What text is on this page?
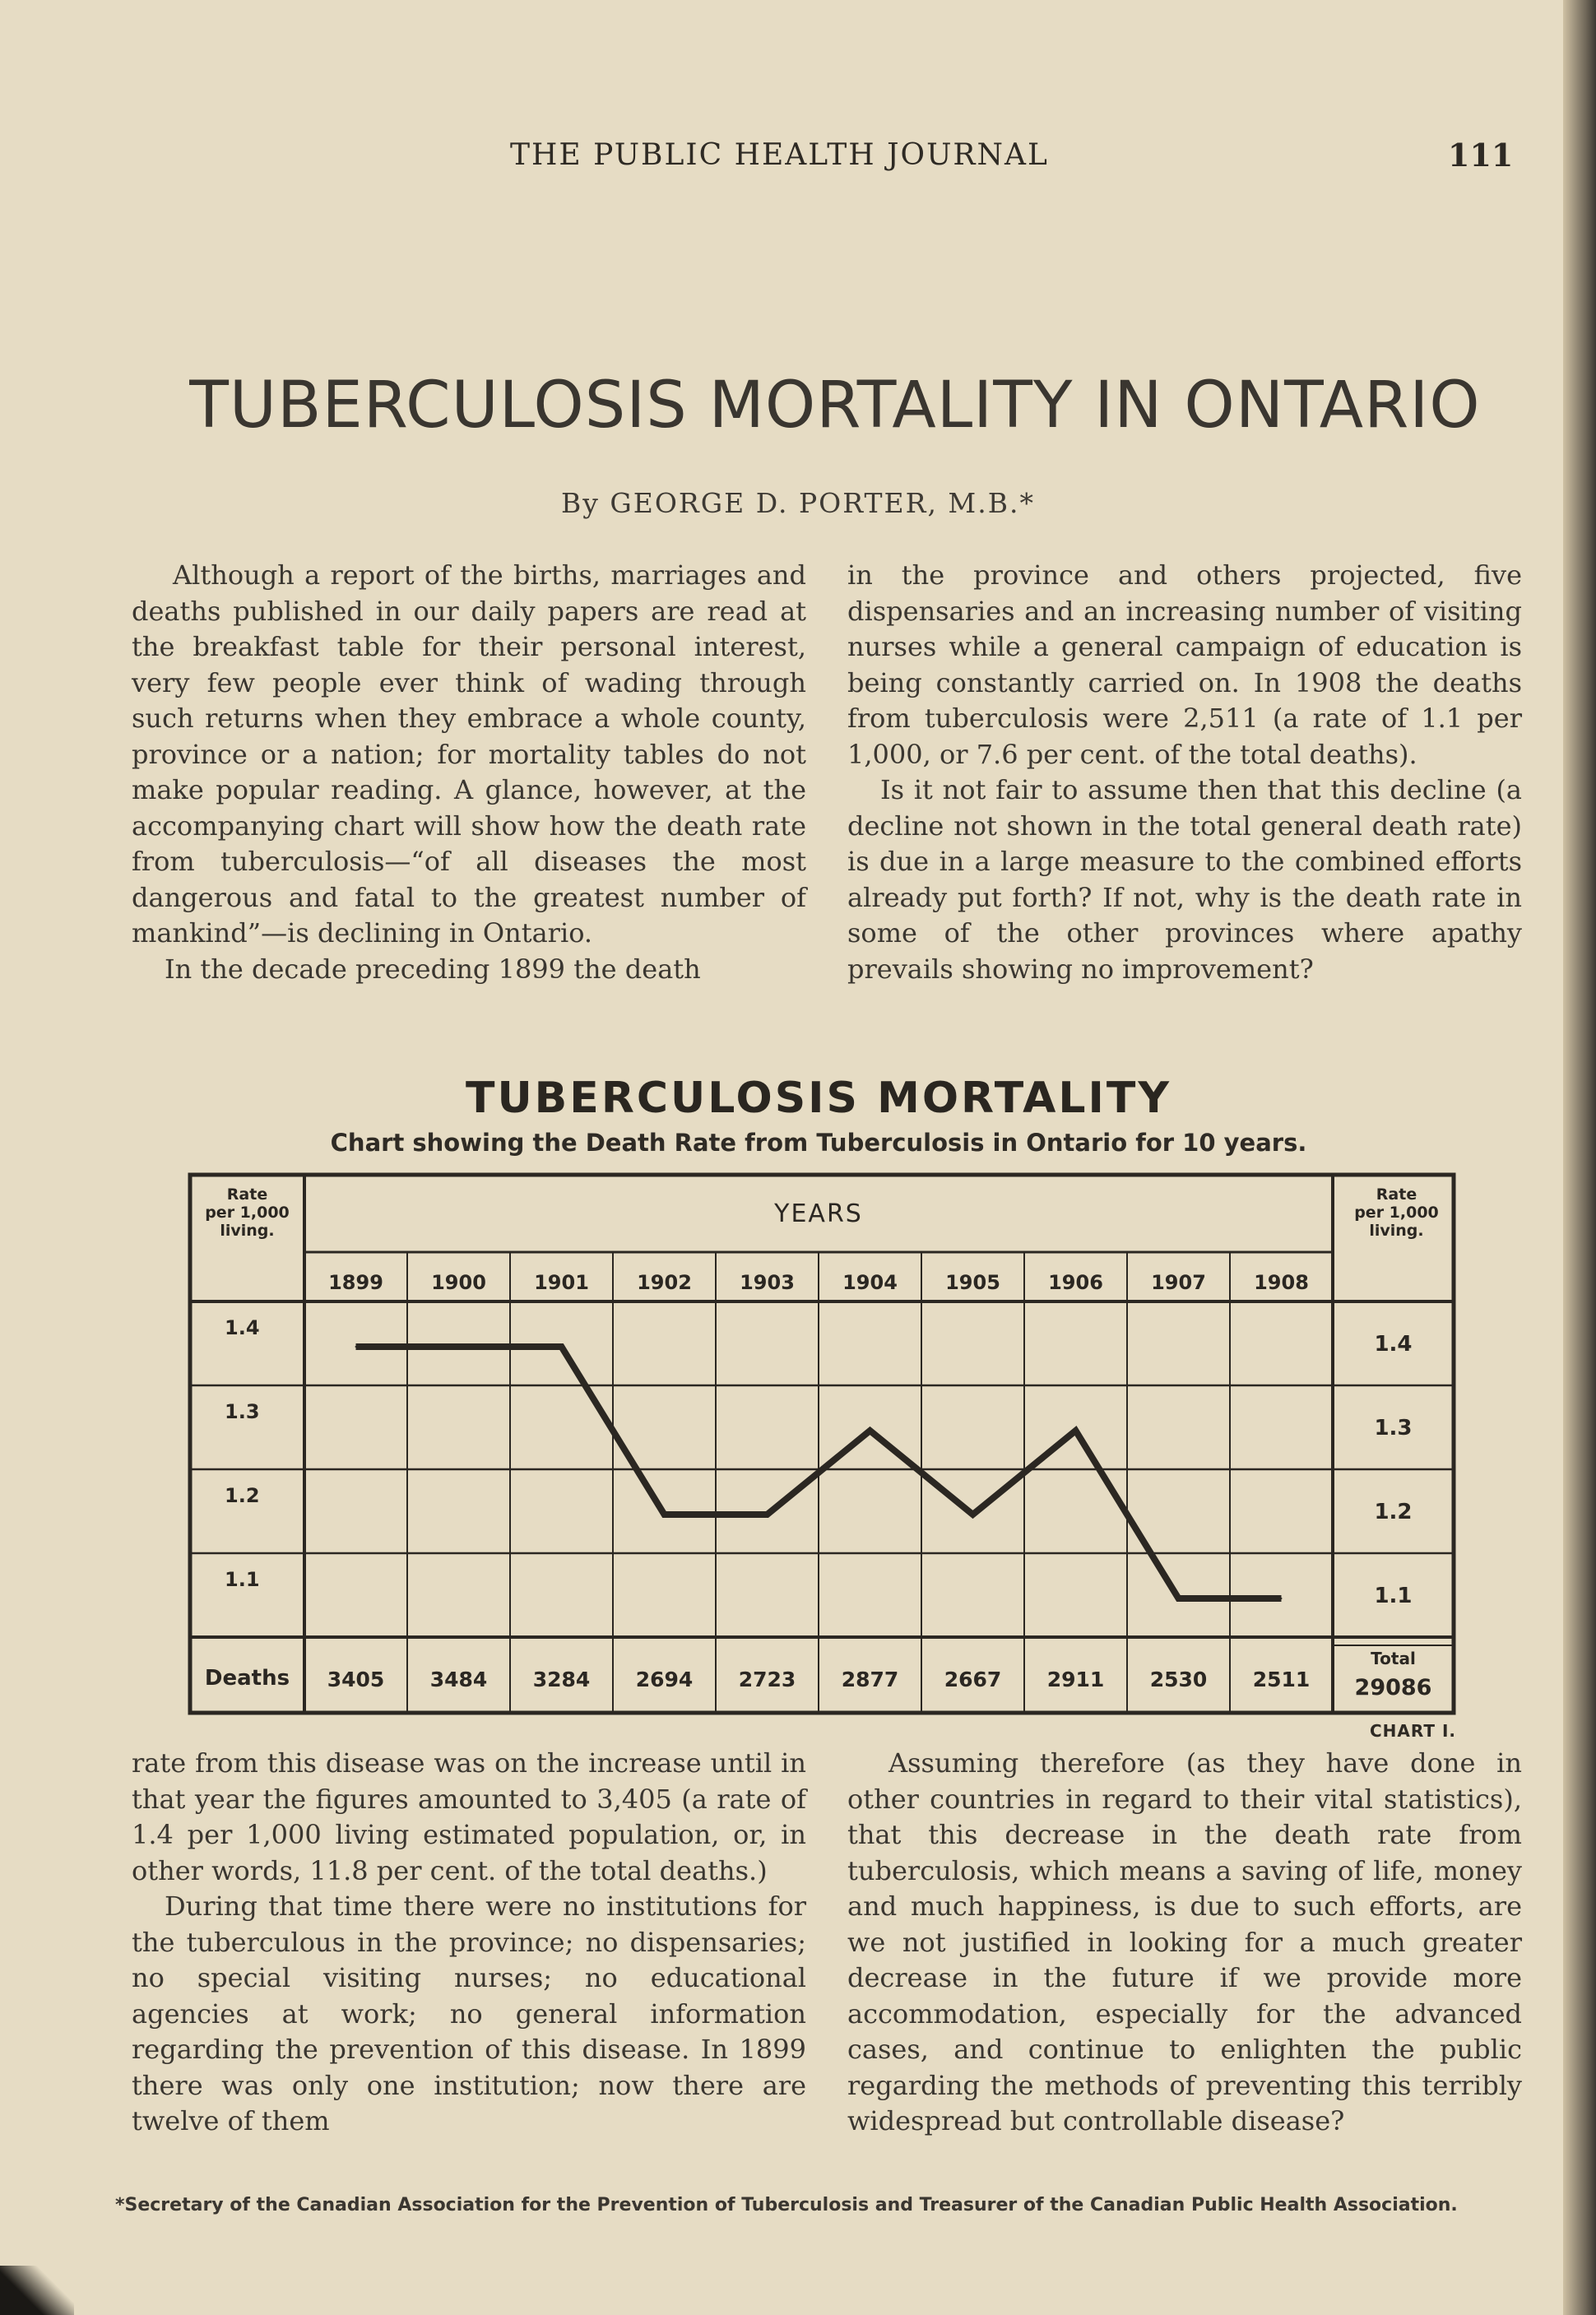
THE PUBLIC HEALTH JOURNAL	111
TUBERCULOSIS MORTALITY IN ONTARIO
By GEORGE D. PORTER, M.B.*

Although a report of the births, marriages and deaths published in our daily papers are read at the breakfast table for their personal interest, very few people ever think of wading through such returns when they embrace a whole county, province or a nation; for mortality tables do not make popular reading. A glance, however, at the accompanying chart will show how the death rate from tuberculosis—“of all diseases the most dangerous and fatal to the greatest number of mankind”—is declining in Ontario.

In the decade preceding 1899 the death

in the province and others projected, five dispensaries and an increasing number of visiting nurses while a general campaign of education is being constantly carried on. In 1908 the deaths from tuberculosis were 2,511 (a rate of 1.1 per 1,000, or 7.6 per cent. of the total deaths).

Is it not fair to assume then that this decline (a decline not shown in the total general death rate) is due in a large measure to the combined efforts already put forth? If not, why is the death rate in some of the other provinces where apathy prevails showing no improvement?

TUBERCULOSIS MORTALITY
Chart showing the Death Rate from Tuberculosis in Ontario for 10 years.
Rate	Rate
per 1,000	per 1,000
living.	living.
YEARS
1899 1900 1901 1902 1903 1904 1905 1906 1907 1908
1.4
1.4
1.3
1.3
1.2
1.2
1.1
1.1
Deaths 3405 3484 3284 2694 2723 2877 2667 2911 2530 2511
Total
29086
CHART I.

rate from this disease was on the increase until in that year the figures amounted to 3,405 (a rate of 1.4 per 1,000 living estimated population, or, in other words, 11.8 per cent. of the total deaths.)

During that time there were no institutions for the tuberculous in the province; no dispensaries; no special visiting nurses; no educational agencies at work; no general information regarding the prevention of this disease. In 1899 there was only one institution; now there are twelve of them

Assuming therefore (as they have done in other countries in regard to their vital statistics), that this decrease in the death rate from tuberculosis, which means a saving of life, money and much happiness, is due to such efforts, are we not justified in looking for a much greater decrease in the future if we provide more accommodation, especially for the advanced cases, and continue to enlighten the public regarding the methods of preventing this terribly widespread but controllable disease?

*Secretary of the Canadian Association for the Prevention of Tuberculosis and Treasurer of the Canadian Public Health Association.
